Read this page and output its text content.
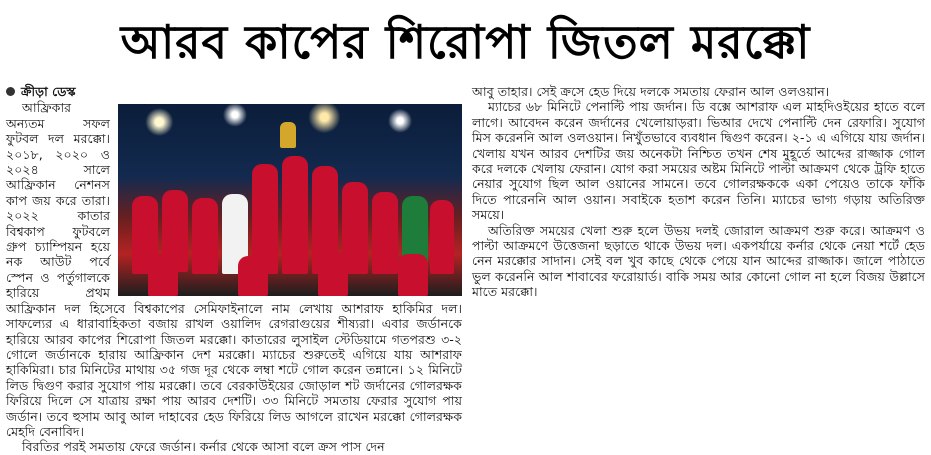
আরব কাপের শিরোপা জিতল মরক্কো
ক্রীড়া ডেস্ক

আফ্রিকার অন্যতম সফল ফুটবল দল মরক্কো। ২০১৮, ২০২০ ও ২০২৪ সালে আফ্রিকান নেশনস কাপ জয় করে তারা। ২০২২ কাতার বিশ্বকাপ ফুটবলে গ্রুপ চ্যাম্পিয়ন হয়ে নক আউট পর্বে স্পেন ও পর্তুগালকে হারিয়ে প্রথম আফ্রিকান দল হিসেবে বিশ্বকাপের সেমিফাইনালে নাম লেখায় আশরাফ হাকিমির দল। সাফল্যের এ ধারাবাহিকতা বজায় রাখল ওয়ালিদ রেগরাগুয়ের শীষ্যরা। এবার জর্ডানকে হারিয়ে আরব কাপের শিরোপা জিতল মরক্কো। কাতারের লুসাইল স্টেডিয়ামে গতপরশু ৩-২ গোলে জর্ডানকে হারায় আফ্রিকান দেশ মরক্কো। ম্যাচের শুরুতেই এগিয়ে যায় আশরাফ হাকিমিরা। চার মিনিটের মাথায় ৩৫ গজ দূর থেকে লম্বা শটে গোল করেন তন্নানে। ১২ মিনিটে লিড দ্বিগুণ করার সুযোগ পায় মরক্কো। তবে বেরকাউইয়ের জোড়াল শট জর্দানের গোলরক্ষক ফিরিয়ে দিলে সে যাত্রায় রক্ষা পায় আরব দেশটি। ৩৩ মিনিটে সমতায় ফেরার সুযোগ পায় জর্ডান। তবে হুসাম আবু আল দাহাবের হেড ফিরিয়ে লিড আগলে রাখেন মরক্কো গোলরক্ষক মেহদি বেনাবিদ।

বিরতির পরই সমতায় ফেরে জর্ডান। কর্নার থেকে আসা বলে ক্রস পাস দেন

আবু তাহার। সেই ক্রসে হেড দিয়ে দলকে সমতায় ফেরান আল ওলওয়ান।

ম্যাচের ৬৮ মিনিটে পেনাল্টি পায় জর্দান। ডি বক্সে আশরাফ এল মাহদিওইয়ের হাতে বলে লাগে। আবেদন করেন জর্দানের খেলোয়াড়রা। ভিআর দেখে পেনাল্টি দেন রেফারি। সুযোগ মিস করেননি আল ওলওয়ান। নিখুঁতভাবে ব্যবধান দ্বিগুণ করেন। ২-১ এ এগিয়ে যায় জর্দান। খেলায় যখন আরব দেশটির জয় অনেকটা নিশ্চিত তখন শেষ মুহূর্তে আব্দের রাজ্জাক গোল করে দলকে খেলায় ফেরান। যোগ করা সময়ের অষ্টম মিনিটে পাল্টা আক্রমণ থেকে ট্রফি হাতে নেয়ার সুযোগ ছিল আল ওয়ানের সামনে। তবে গোলরক্ষককে একা পেয়েও তাকে ফাঁকি দিতে পারেননি আল ওয়ান। সবাইকে হতাশ করেন তিনি। ম্যাচের ভাগ্য গড়ায় অতিরিক্ত সময়ে।

অতিরিক্ত সময়ের খেলা শুরু হলে উভয় দলই জোরাল আক্রমণ শুরু করে। আক্রমণ ও পাল্টা আক্রমণে উত্তেজনা ছড়াতে থাকে উভয় দল। একপর্যায়ে কর্নার থেকে নেয়া শর্টে হেড নেন মরক্কোর সাদান। সেই বল খুব কাছে থেকে পেয়ে যান আব্দের রাজ্জাক। জালে পাঠাতে ভুল করেননি আল শাবাবের ফরোয়ার্ড। বাকি সময় আর কোনো গোল না হলে বিজয় উল্লাসে মাতে মরক্কো।
